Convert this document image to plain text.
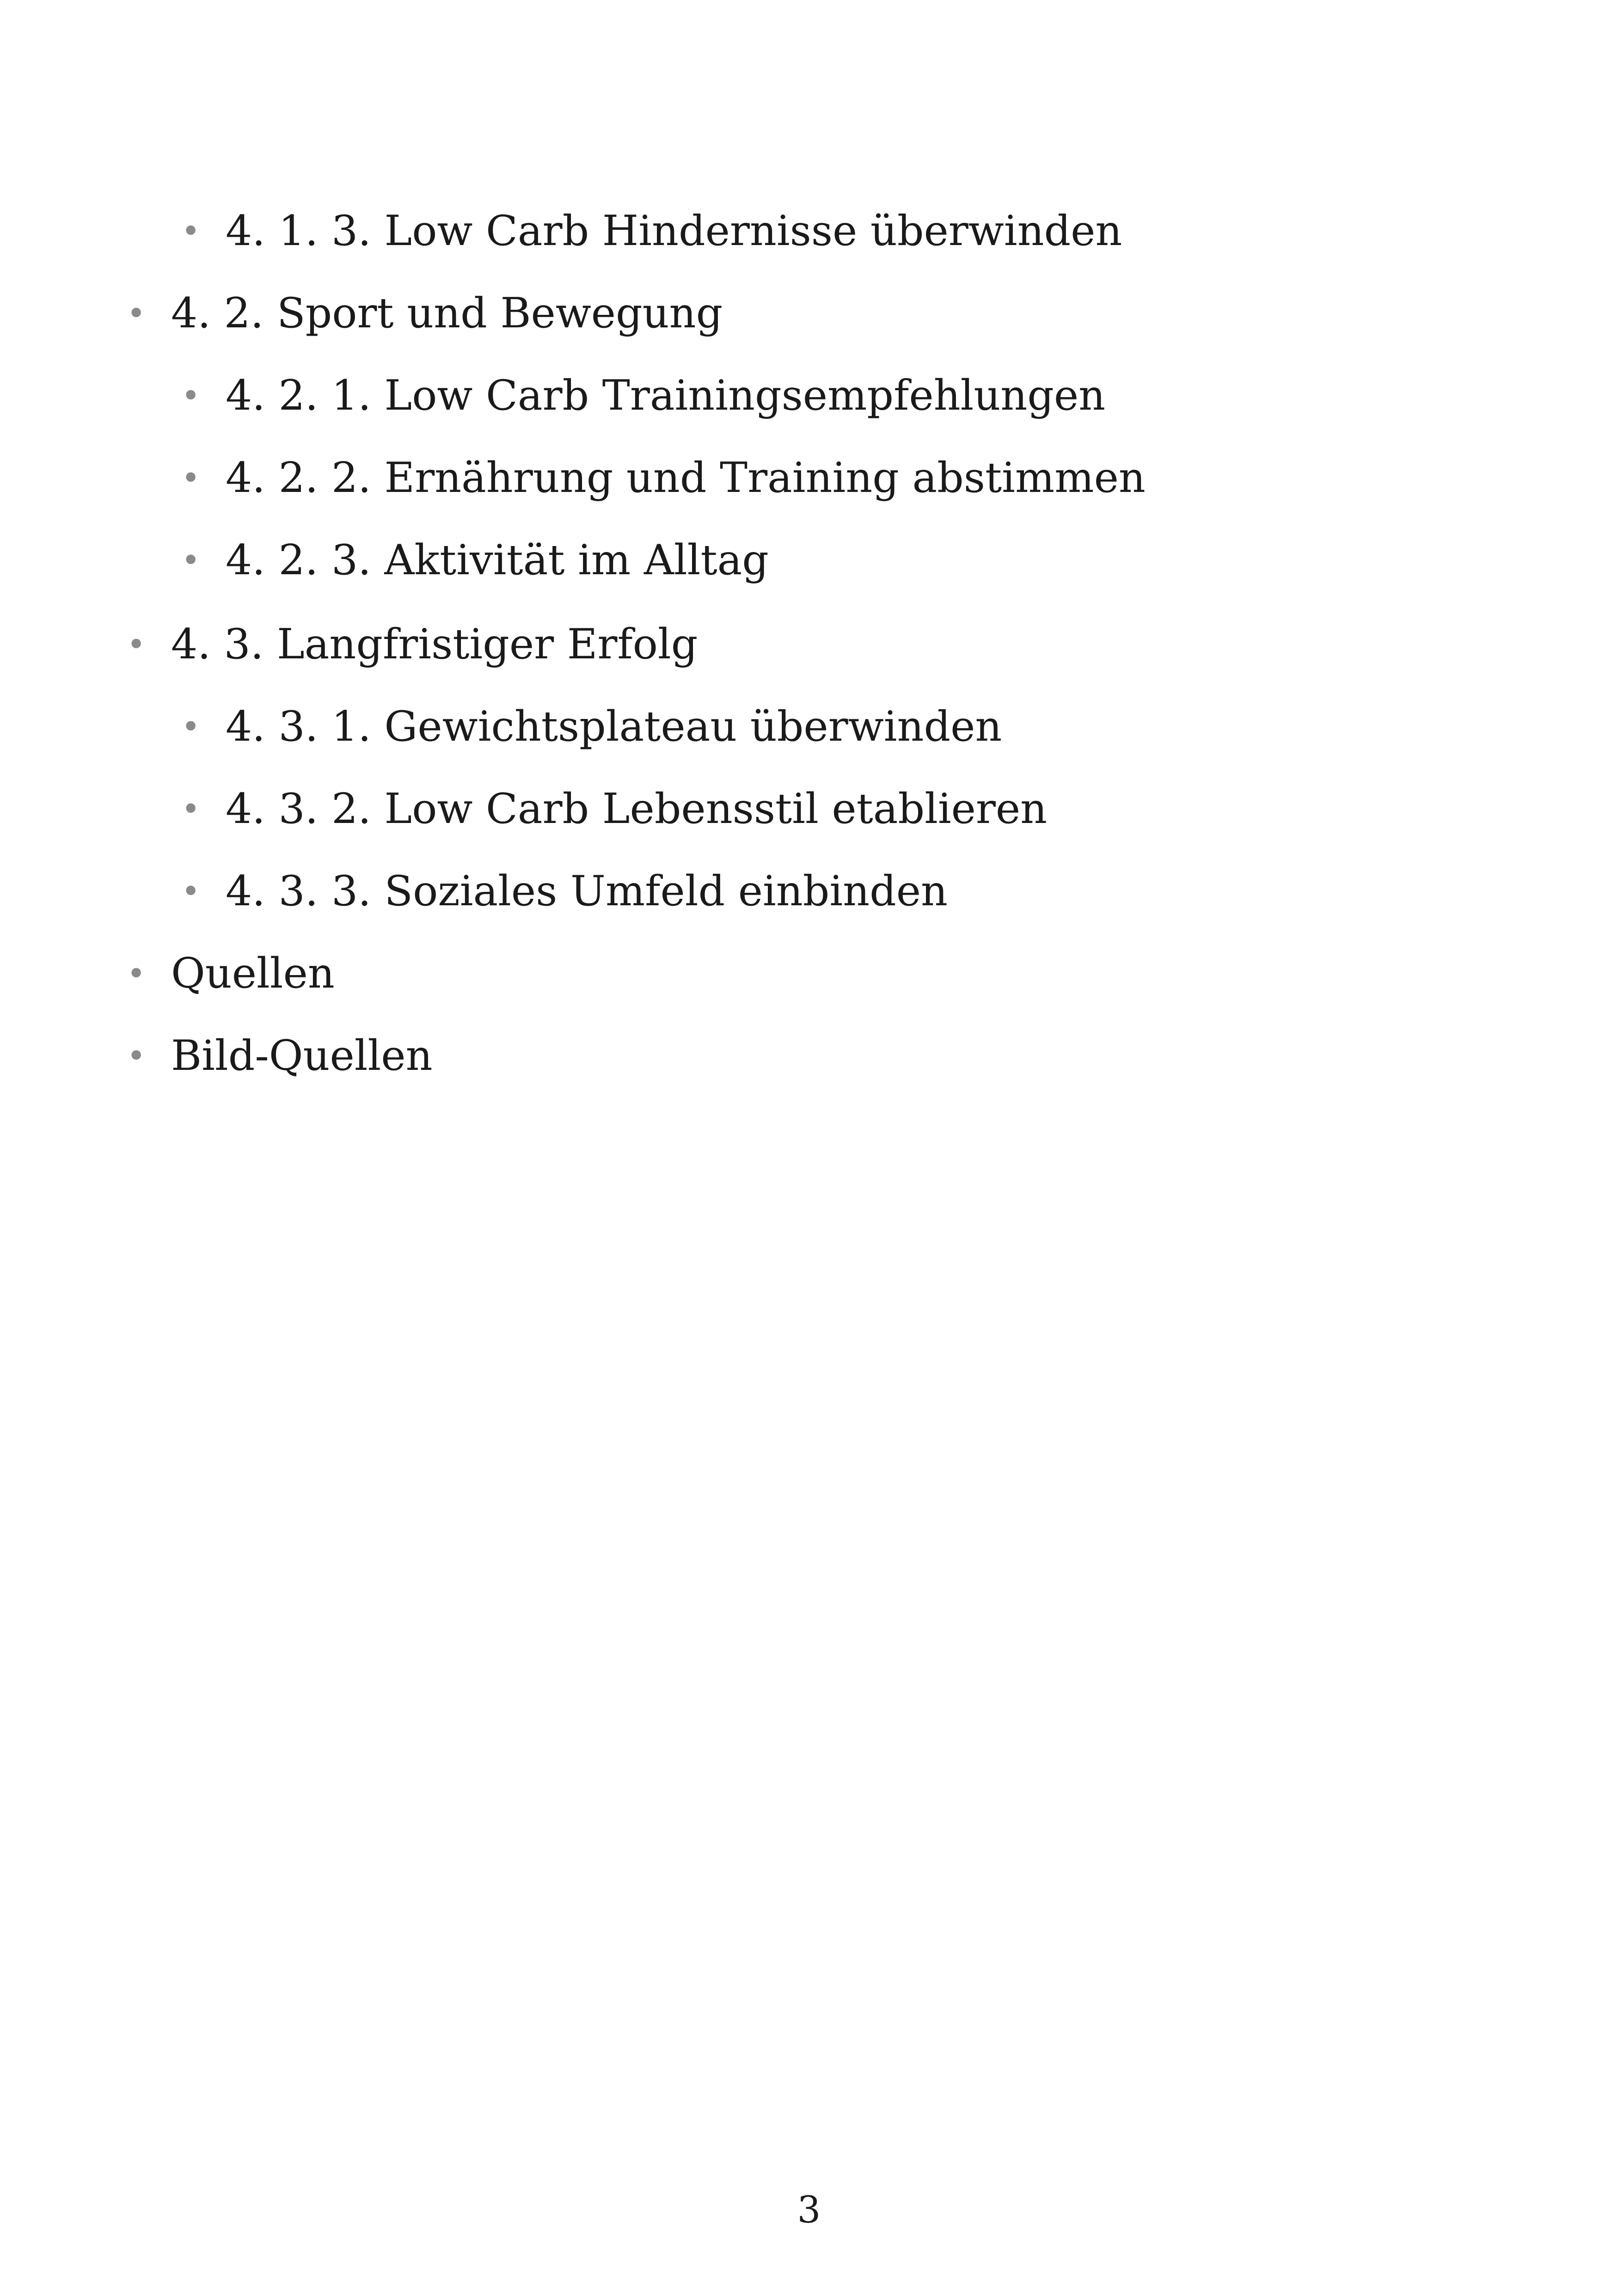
• 4. 1. 3. Low Carb Hindernisse überwinden
• 4. 2. Sport und Bewegung
• 4. 2. 1. Low Carb Trainingsempfehlungen
• 4. 2. 2. Ernährung und Training abstimmen
• 4. 2. 3. Aktivität im Alltag
• 4. 3. Langfristiger Erfolg
• 4. 3. 1. Gewichtsplateau überwinden
• 4. 3. 2. Low Carb Lebensstil etablieren
• 4. 3. 3. Soziales Umfeld einbinden
• Quellen
• Bild-Quellen
3
